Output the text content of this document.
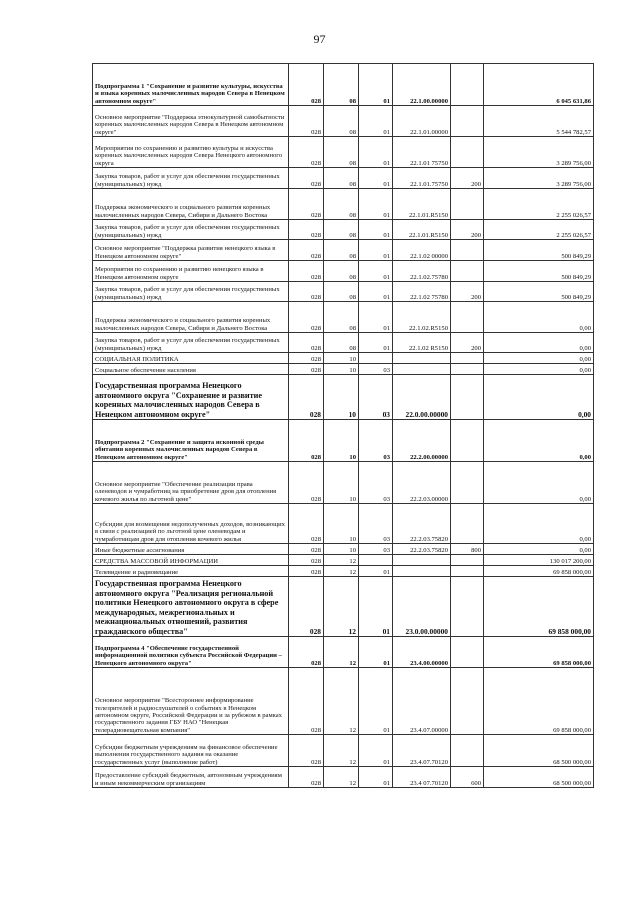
97
Подпрограмма 1 "Сохранение и развитие культуры, искусства и языка коренных малочисленных народов Севера в Ненецком автономном округе"	028	08	01	22.1.00.00000		6 045 631,86
Основное мероприятие "Поддержка этнокультурной самобытности коренных малочисленных народов Севера в Ненецком автономном округе"	028	08	01	22.1.01.00000		5 544 782,57
Мероприятия по сохранению и развитию культуры и искусства коренных малочисленных народов Севера Ненецкого автономного округа	028	08	01	22.1.01 75750		3 289 756,00
Закупка товаров, работ и услуг для обеспечения государственных (муниципальных) нужд	028	08	01	22.1.01.75750	200	3 289 756,00
Поддержка экономического и социального развития коренных малочисленных народов Севера, Сибири и Дальнего Востока	028	08	01	22.1.01.R5150		2 255 026,57
Закупка товаров, работ и услуг для обеспечения государственных (муниципальных) нужд	028	08	01	22.1.01.R5150	200	2 255 026,57
Основное мероприятие "Поддержка развития ненецкого языка в Ненецком автономном округе"	028	08	01	22.1.02 00000		500 849,29
Мероприятия по сохранению и развитию ненецкого языка в Ненецком автономном округе	028	08	01	22.1.02.75780		500 849,29
Закупка товаров, работ и услуг для обеспечения государственных (муниципальных) нужд	028	08	01	22.1.02 75780	200	500 849,29
Поддержка экономического и социального развития коренных малочисленных народов Севера, Сибири и Дальнего Востока	028	08	01	22.1.02.R5150		0,00
Закупка товаров, работ и услуг для обеспечения государственных (муниципальных) нужд	028	08	01	22.1.02 R5150	200	0,00
СОЦИАЛЬНАЯ ПОЛИТИКА	028	10				0,00
Социальное обеспечение населения	028	10	03			0,00
Государственная программа Ненецкого автономного округа "Сохранение и развитие коренных малочисленных народов Севера в Ненецком автономном округе"	028	10	03	22.0.00.00000		0,00
Подпрограмма 2 "Сохранение и защита исконной среды обитания коренных малочисленных народов Севера в Ненецком автономном округе"	028	10	03	22.2.00.00000		0,00
Основное мероприятие "Обеспечение реализации права оленеводов и чумработниц на приобретение дров для отопления кочевого жилья по льготной цене"	028	10	03	22.2.03.00000		0,00
Субсидии для возмещения недополученных доходов, возникающих в связи с реализацией по льготной цене оленеводам и чумработницам дров для отопления кочевого жилья	028	10	03	22.2.03.75820		0,00
Иные бюджетные ассигнования	028	10	03	22.2.03.75820	800	0,00
СРЕДСТВА МАССОВОЙ ИНФОРМАЦИИ	028	12				130 017 200,00
Телевидение и радиовещание	028	12	01			69 858 000,00
Государственная программа Ненецкого автономного округа "Реализация региональной политики Ненецкого автономного округа в сфере международных, межрегиональных и межнациональных отношений, развития гражданского общества"	028	12	01	23.0.00.00000		69 858 000,00
Подпрограмма 4 "Обеспечение государственной информационной политики субъекта Российской Федерации – Ненецкого автономного округа"	028	12	01	23.4.00.00000		69 858 000,00
Основное мероприятие "Всестороннее информирование телезрителей и радиослушателей о событиях в Ненецком автономном округе, Российской Федерации и за рубежом в рамках государственного задания ГБУ НАО "Ненецкая телерадиовещательная компания"	028	12	01	23.4.07.00000		69 858 000,00
Субсидии бюджетным учреждениям на финансовое обеспечение выполнения государственного задания на оказание государственных услуг (выполнение работ)	028	12	01	23.4.07.70120		68 500 000,00
Предоставление субсидий бюджетным, автономным учреждениям и иным некоммерческим организациям	028	12	01	23.4 07.70120	600	68 500 000,00
